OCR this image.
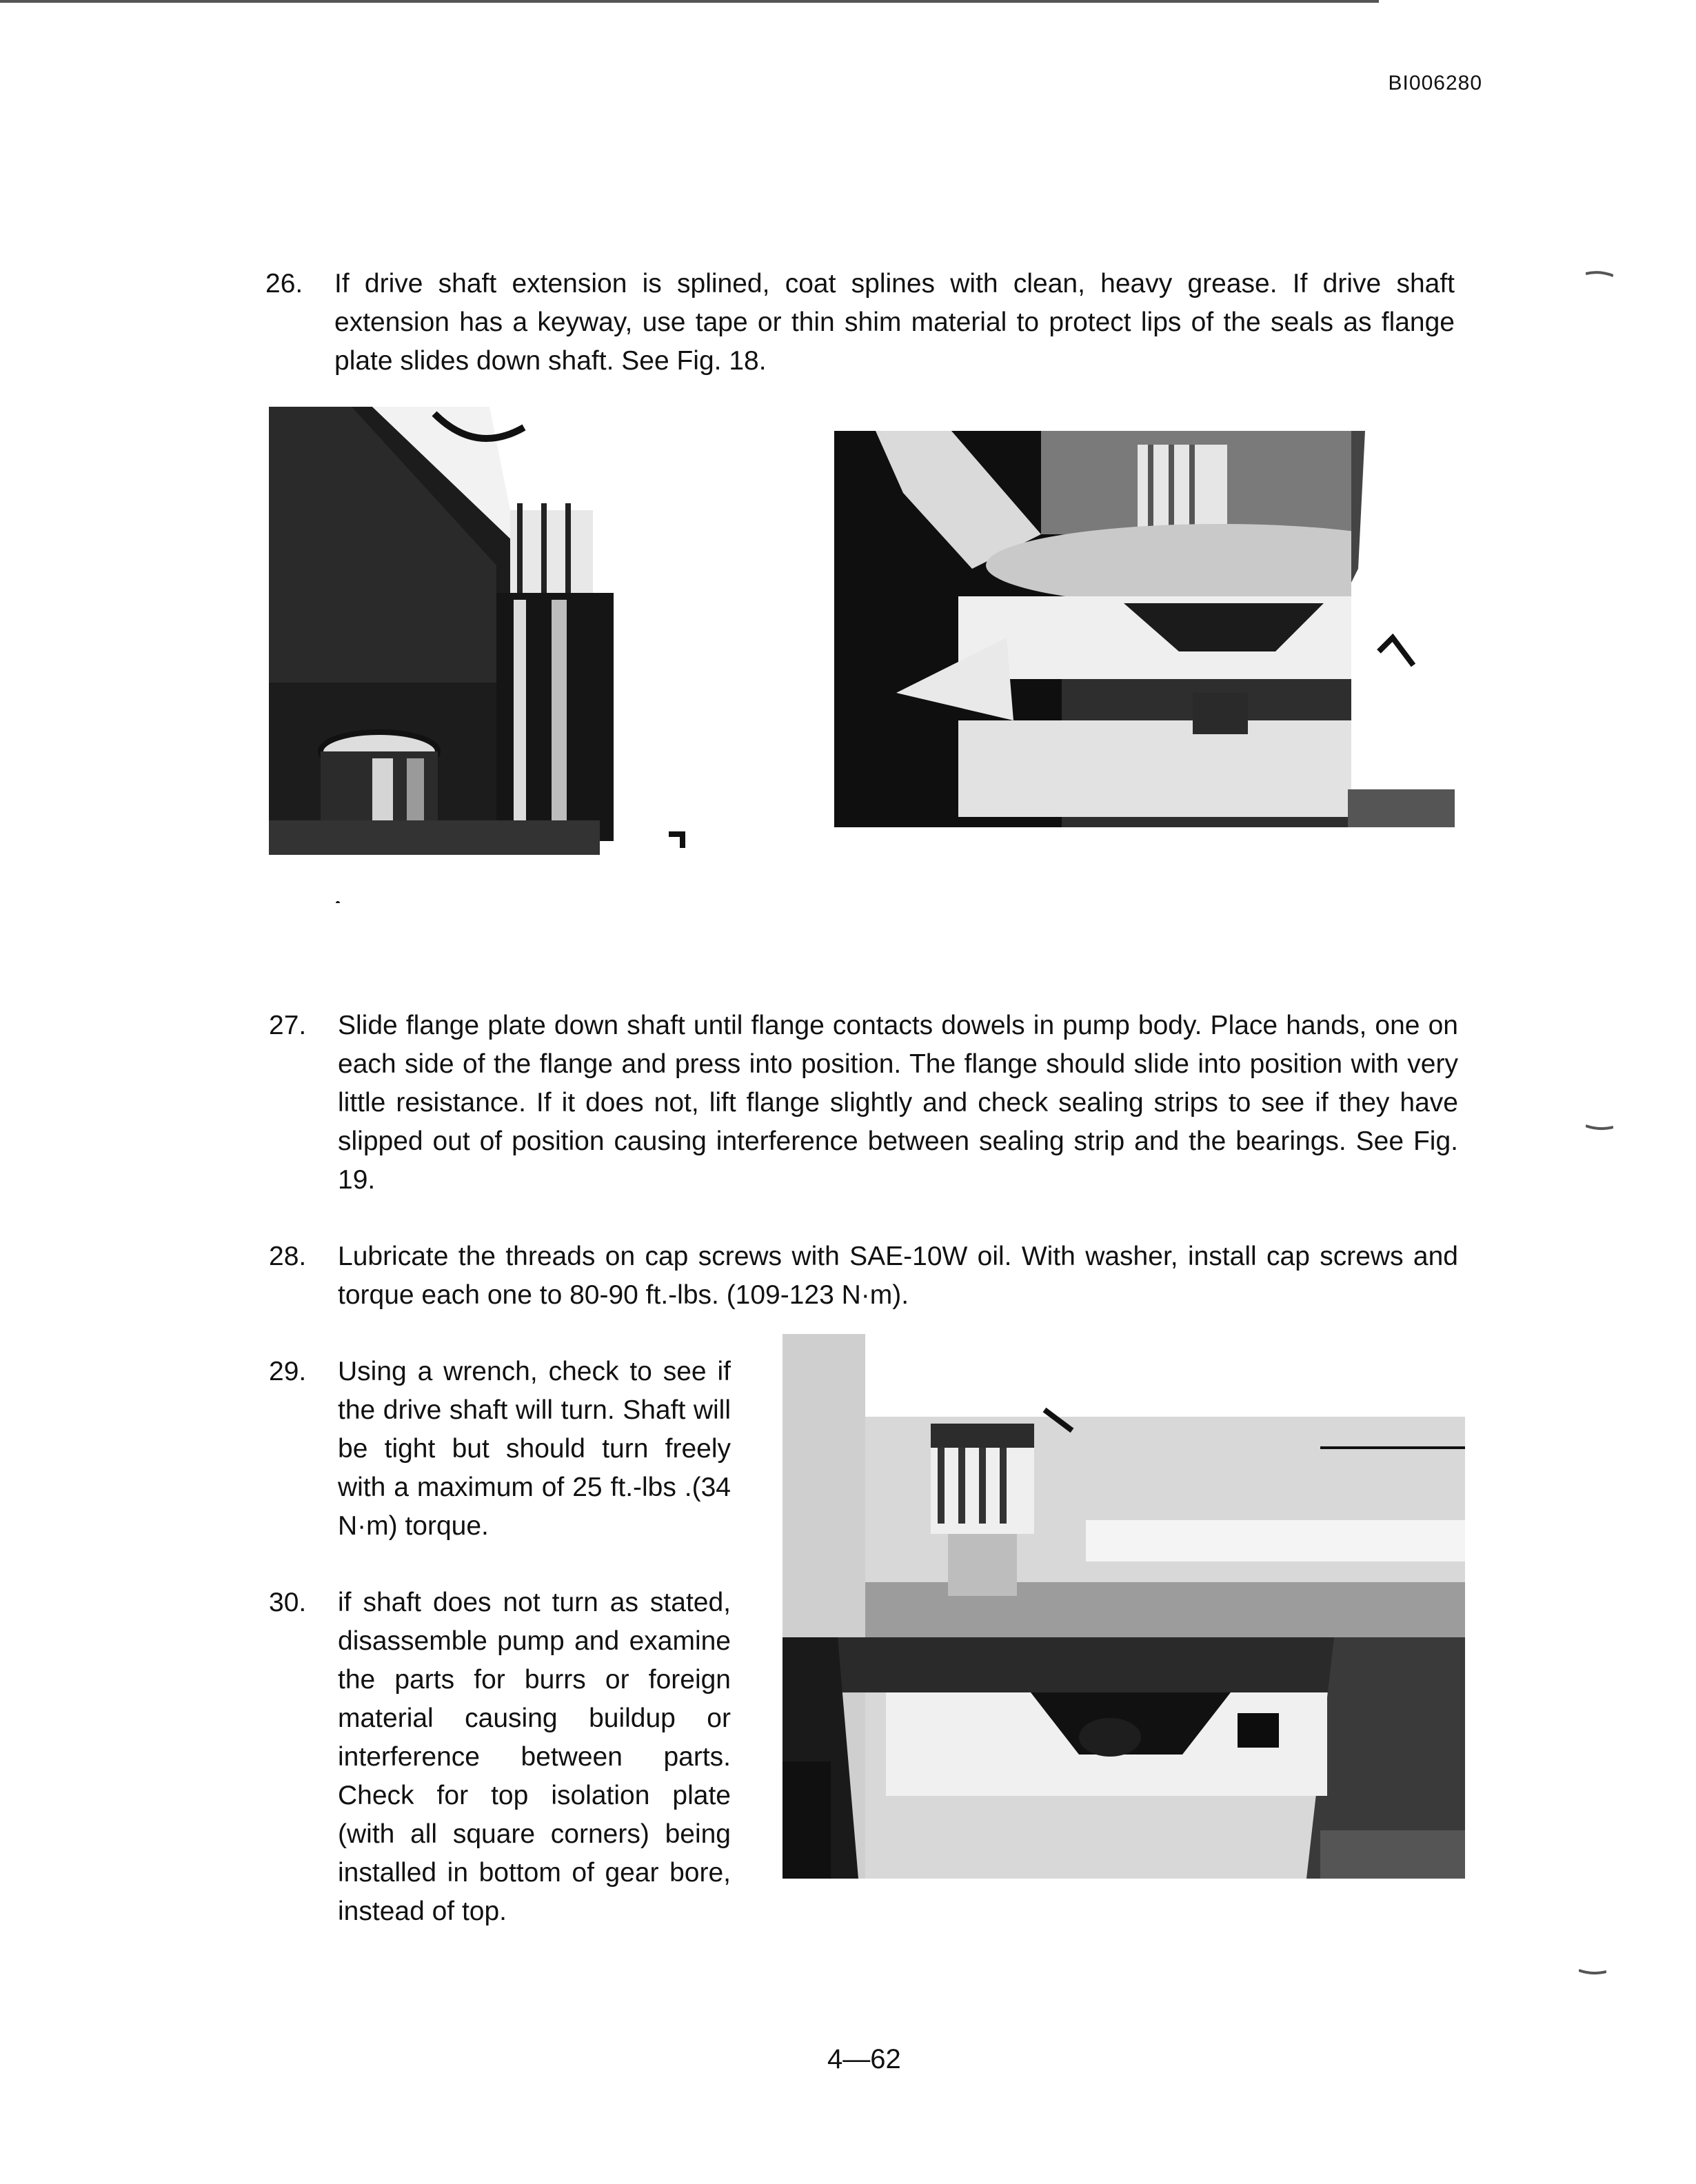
BI006280
26. If drive shaft extension is splined, coat splines with clean, heavy grease. If drive shaft extension has a keyway, use tape or thin shim material to protect lips of the seals as flange plate slides down shaft. See Fig. 18.
27. Slide flange plate down shaft until flange contacts dowels in pump body. Place hands, one on each side of the flange and press into position. The flange should slide into position with very little resistance. If it does not, lift flange slightly and check sealing strips to see if they have slipped out of position causing interference between sealing strip and the bearings. See Fig. 19.
28. Lubricate the threads on cap screws with SAE-10W oil. With washer, install cap screws and torque each one to 80-90 ft.-lbs. (109-123 N·m).
29. Using a wrench, check to see if the drive shaft will turn. Shaft will be tight but should turn freely with a maximum of 25 ft.-lbs .(34 N·m) torque.
30. if shaft does not turn as stated, disassemble pump and examine the parts for burrs or foreign material causing buildup or interference between parts. Check for top isolation plate (with all square corners) being installed in bottom of gear bore, instead of top.
4—62
